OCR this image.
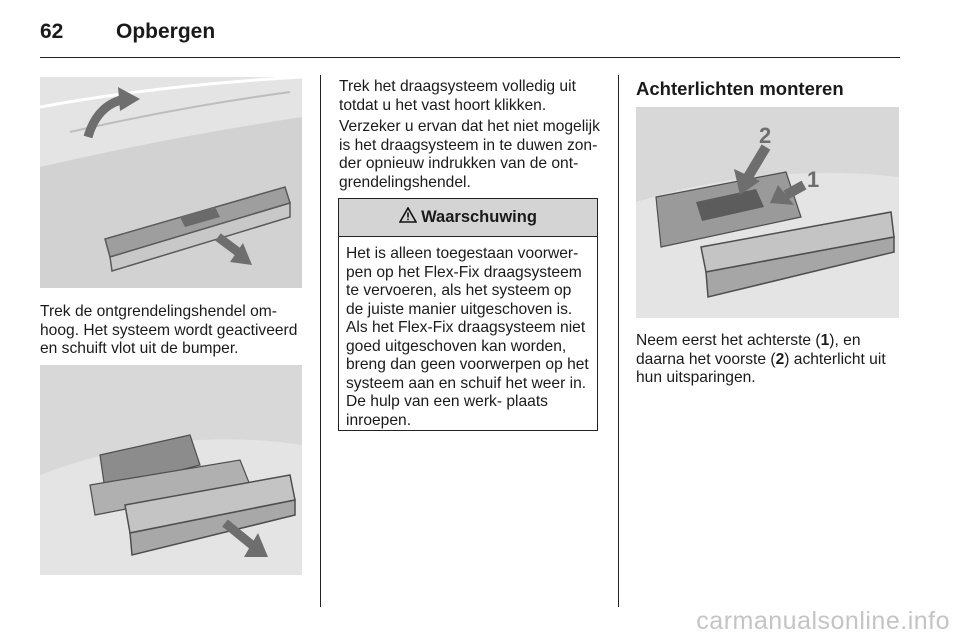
62	Opbergen

Trek de ontgrendelingshendel om- hoog. Het systeem wordt geactiveerd en schuift vlot uit de bumper.

Trek het draagsysteem volledig uit totdat u het vast hoort klikken.

Verzeker u ervan dat het niet mogelijk is het draagsysteem in te duwen zon- der opnieuw indrukken van de ont- grendelingshendel.

Waarschuwing
Het is alleen toegestaan voorwer- pen op het Flex-Fix draagsysteem te vervoeren, als het systeem op de juiste manier uitgeschoven is. Als het Flex-Fix draagsysteem niet goed uitgeschoven kan worden, breng dan geen voorwerpen op het systeem aan en schuif het weer in. De hulp van een werk- plaats inroepen.
Achterlichten monteren
2
1

Neem eerst het achterste (1), en daarna het voorste (2) achterlicht uit hun uitsparingen.

carmanualsonline.info
